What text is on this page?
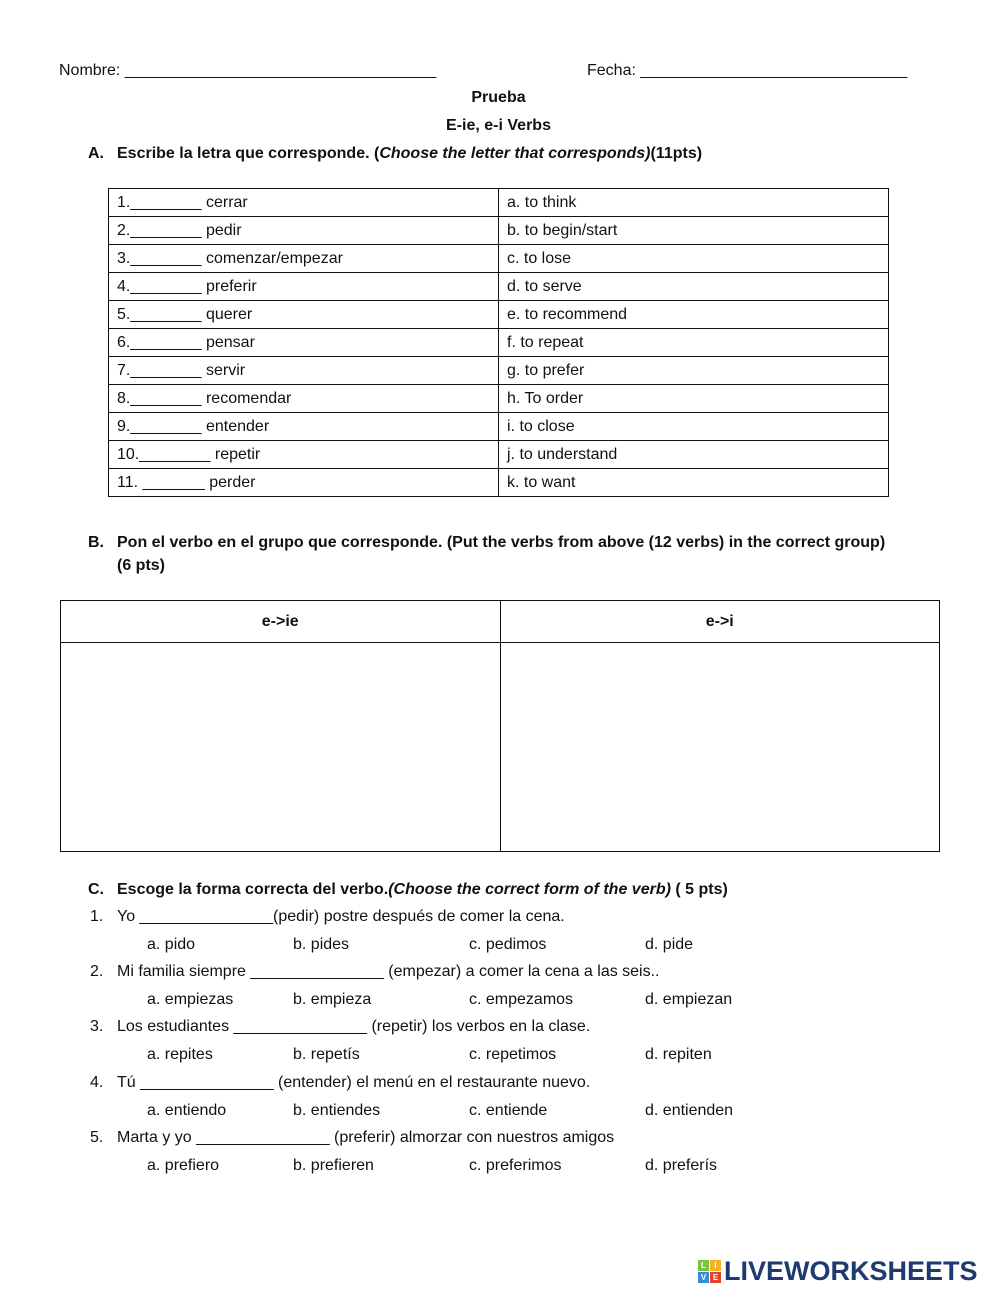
Nombre: ___________________________________	Fecha: ______________________________
Prueba
E-ie, e-i Verbs
A. Escribe la letra que corresponde. (Choose the letter that corresponds)(11pts)
1.________ cerrar	a. to think
2.________ pedir	b. to begin/start
3.________ comenzar/empezar	c. to lose
4.________ preferir	d. to serve
5.________ querer	e. to recommend
6.________ pensar	f. to repeat
7.________ servir	g. to prefer
8.________ recomendar	h. To order
9.________ entender	i. to close
10.________ repetir	j. to understand
11. _______ perder	k. to want
B. Pon el verbo en el grupo que corresponde. (Put the verbs from above (12 verbs) in the correct group)
(6 pts)
e->ie	e->i

C. Escoge la forma correcta del verbo.(Choose the correct form of the verb) ( 5 pts)
1. Yo _______________(pedir) postre después de comer la cena.
a. pido	b. pides	c. pedimos	d. pide
2. Mi familia siempre _______________ (empezar) a comer la cena a las seis..
a. empiezas	b. empieza	c. empezamos	d. empiezan
3. Los estudiantes _______________ (repetir) los verbos en la clase.
a. repites	b. repetís	c. repetimos	d. repiten
4. Tú _______________ (entender) el menú en el restaurante nuevo.
a. entiendo	b. entiendes	c. entiende	d. entienden
5. Marta y yo _______________ (preferir) almorzar con nuestros amigos
a. prefiero	b. prefieren	c. preferimos	d. preferís
L	I
V E LIVEWORKSHEETS
